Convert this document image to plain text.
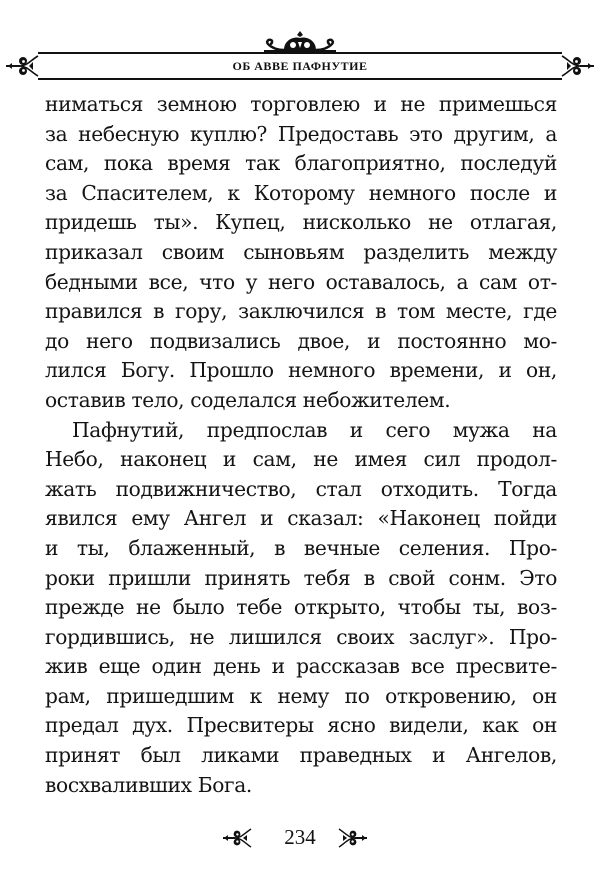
ОБ АВВЕ ПАФНУТИЕ
ниматься земною торговлею и не примешься
за небесную куплю? Предоставь это другим, а
сам, пока время так благоприятно, последуй
за Спасителем, к Которому немного после и
придешь ты». Купец, нисколько не отлагая,
приказал своим сыновьям разделить между
бедными все, что у него оставалось, а сам от-
правился в гору, заключился в том месте, где
до него подвизались двое, и постоянно мо-
лился Богу. Прошло немного времени, и он,
оставив тело, соделался небожителем.
Пафнутий, предпослав и сего мужа на
Небо, наконец и сам, не имея сил продол-
жать подвижничество, стал отходить. Тогда
явился ему Ангел и сказал: «Наконец пойди
и ты, блаженный, в вечные селения. Про-
роки пришли принять тебя в свой сонм. Это
прежде не было тебе открыто, чтобы ты, воз-
гордившись, не лишился своих заслуг». Про-
жив еще один день и рассказав все пресвите-
рам, пришедшим к нему по откровению, он
предал дух. Пресвитеры ясно видели, как он
принят был ликами праведных и Ангелов,
восхваливших Бога.
234
